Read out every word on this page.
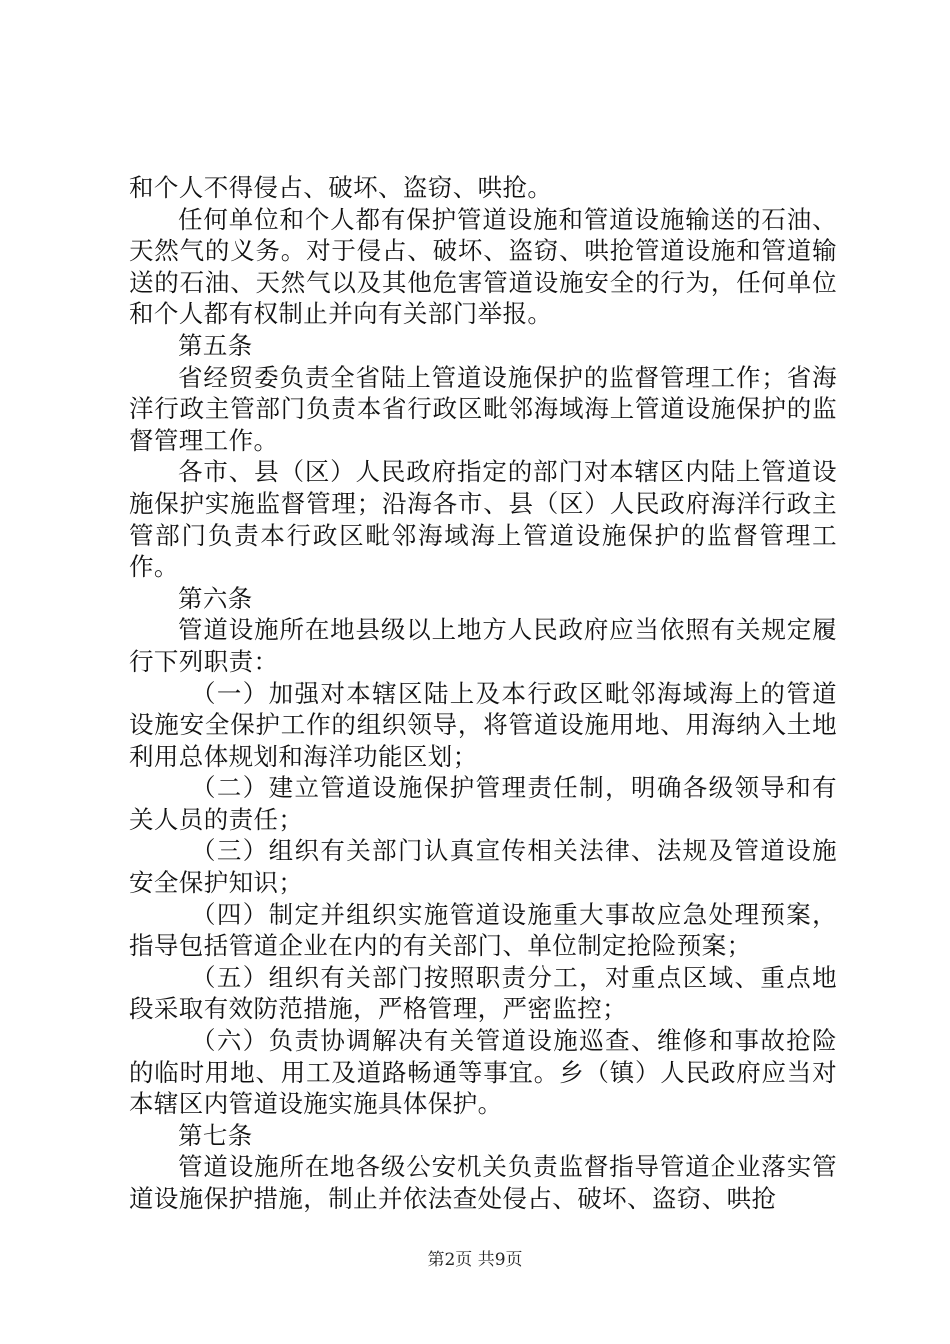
和个人不得侵占、破坏、盗窃、哄抢。

任何单位和个人都有保护管道设施和管道设施输送的石油、天然气的义务。对于侵占、破坏、盗窃、哄抢管道设施和管道输送的石油、天然气以及其他危害管道设施安全的行为，任何单位和个人都有权制止并向有关部门举报。

第五条

省经贸委负责全省陆上管道设施保护的监督管理工作；省海洋行政主管部门负责本省行政区毗邻海域海上管道设施保护的监督管理工作。

各市、县（区）人民政府指定的部门对本辖区内陆上管道设施保护实施监督管理；沿海各市、县（区）人民政府海洋行政主管部门负责本行政区毗邻海域海上管道设施保护的监督管理工作。

第六条

管道设施所在地县级以上地方人民政府应当依照有关规定履行下列职责：

（一）加强对本辖区陆上及本行政区毗邻海域海上的管道设施安全保护工作的组织领导，将管道设施用地、用海纳入土地利用总体规划和海洋功能区划；

（二）建立管道设施保护管理责任制，明确各级领导和有关人员的责任；

（三）组织有关部门认真宣传相关法律、法规及管道设施安全保护知识；

（四）制定并组织实施管道设施重大事故应急处理预案，指导包括管道企业在内的有关部门、单位制定抢险预案；

（五）组织有关部门按照职责分工，对重点区域、重点地段采取有效防范措施，严格管理，严密监控；

（六）负责协调解决有关管道设施巡查、维修和事故抢险的临时用地、用工及道路畅通等事宜。乡（镇）人民政府应当对本辖区内管道设施实施具体保护。

第七条

管道设施所在地各级公安机关负责监督指导管道企业落实管道设施保护措施，制止并依法查处侵占、破坏、盗窃、哄抢

第2页 共9页
